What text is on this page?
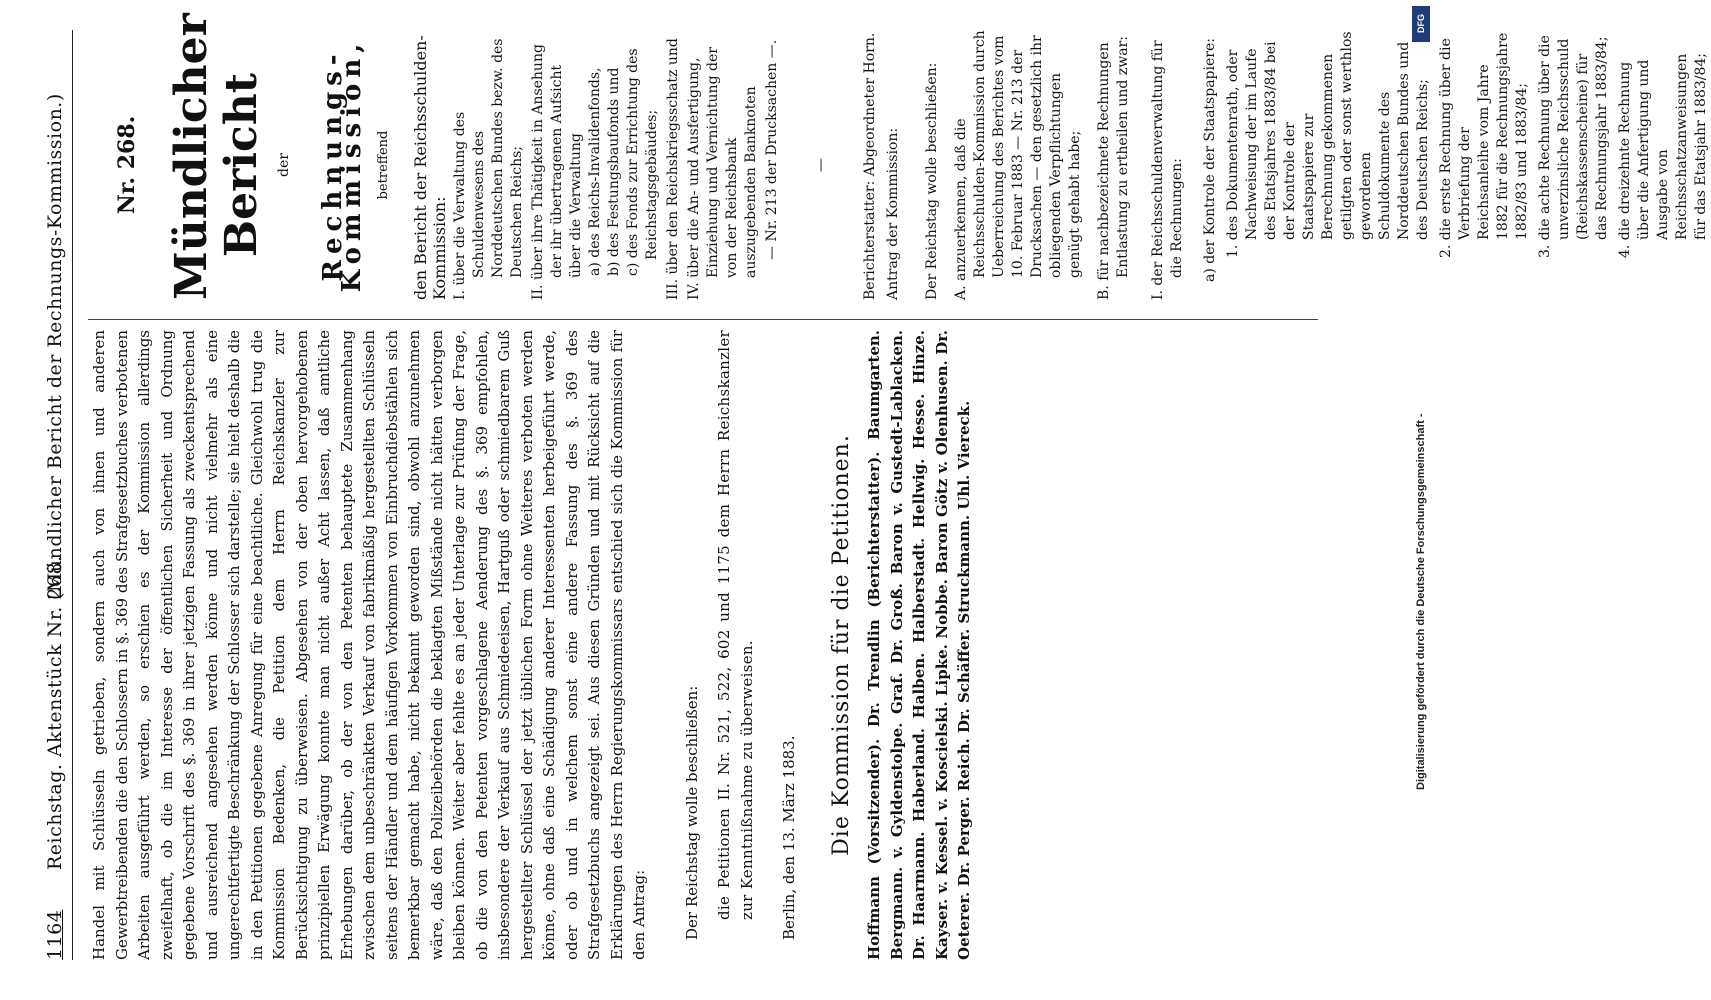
1164
Reichstag. Aktenstück Nr. 268.
(Mündlicher Bericht der Rechnungs-Kommission.) Handel mit Schlüsseln getrieben, sondern auch von ihnen und anderen Gewerbtreibenden die den Schlossern in §. 369 des Strafgesetzbuches verbotenen Arbeiten ausgeführt werden, so erschien es der Kommission allerdings zweifelhaft, ob die im Interesse der öffentlichen Sicherheit und Ordnung gegebene Vorschrift des §. 369 in ihrer jetzigen Fassung als zweckentsprechend und ausreichend angesehen werden könne und nicht vielmehr als eine ungerechtfertigte Beschränkung der Schlosser sich darstelle; sie hielt deshalb die in den Petitionen gegebene Anregung für eine beachtliche. Gleichwohl trug die Kommission Bedenken, die Petition dem Herrn Reichskanzler zur Berücksichtigung zu überweisen. Abgesehen von der oben hervorgehobenen prinzipiellen Erwägung konnte man nicht außer Acht lassen, daß amtliche Erhebungen darüber, ob der von den Petenten behauptete Zusammenhang zwischen dem unbeschränkten Verkauf von fabrikmäßig hergestellten Schlüsseln seitens der Händler und dem häufigen Vorkommen von Einbruchdiebstählen sich bemerkbar gemacht habe, nicht bekannt geworden sind, obwohl anzunehmen wäre, daß den Polizeibehörden die beklagten Mißstände nicht hätten verborgen bleiben können. Weiter aber fehlte es an jeder Unterlage zur Prüfung der Frage, ob die von den Petenten vorgeschlagene Aenderung des §. 369 empfohlen, insbesondere der Verkauf aus Schmiedeeisen, Hartguß oder schmiedbarem Guß hergestellter Schlüssel der jetzt üblichen Form ohne Weiteres verboten werden könne, ohne daß eine Schädigung anderer Interessenten herbeigeführt werde, oder ob und in welchem sonst eine andere Fassung des §. 369 des Strafgesetzbuchs angezeigt sei. Aus diesen Gründen und mit Rücksicht auf die Erklärungen des Herrn Regierungskommissars entschied sich die Kommission für den Antrag: Der Reichstag wolle beschließen: die Petitionen II. Nr. 521, 522, 602 und 1175 dem Herrn Reichskanzler zur Kenntnißnahme zu überweisen. Berlin, den 13. März 1883. Die Kommission für die Petitionen. Hoffmann (Vorsitzender). Dr. Trendlin (Berichterstatter). Baumgarten. Bergmann. v. Gyldenstolpe. Graf. Dr. Groß. Baron v. Gustedt-Lablacken. Dr. Haarmann. Haberland. Halben. Halberstadt. Hellwig. Hesse. Hinze. Kayser. v. Kessel. v. Koscielski. Lipke. Nobbe. Baron Götz v. Olenhusen. Dr. Oeterer. Dr. Perger. Reich. Dr. Schäffer. Struckmann. Uhl. Viereck.

Nr. 268. Mündlicher Bericht der Rechnungs-Kommission, betreffend den Bericht der Reichsschulden-Kommission: I. über die Verwaltung des Schuldenwesens des Norddeutschen Bundes bezw. des Deutschen Reichs; II. über ihre Thätigkeit in Ansehung der ihr übertragenen Aufsicht über die Verwaltung a) des Reichs-Invalidenfonds, b) des Festungsbaufonds und c) des Fonds zur Errichtung des Reichstagsgebäudes; III. über den Reichskriegsschatz und IV. über die An- und Ausfertigung, Einziehung und Vernichtung der von der Reichsbank auszugebenden Banknoten — Nr. 213 der Drucksachen —. — Berichterstatter: Abgeordneter Horn. Antrag der Kommission: Der Reichstag wolle beschließen: A. anzuerkennen, daß die Reichsschulden-Kommission durch Ueberreichung des Berichtes vom 10. Februar 1883 — Nr. 213 der Drucksachen — den gesetzlich ihr obliegenden Verpflichtungen genügt gehabt habe; B. für nachbezeichnete Rechnungen Entlastung zu ertheilen und zwar: I. der Reichsschuldenverwaltung für die Rechnungen: a) der Kontrole der Staatspapiere: 1. des Dokumentenrath, oder Nachweisung der im Laufe des Etatsjahres 1883/84 bei der Kontrole der Staatspapiere zur Berechnung gekommenen getilgten oder sonst werthlos gewordenen Schuldokumente des Norddeutschen Bundes und des Deutschen Reichs; 2. die erste Rechnung über die Verbriefung der Reichsanleihe vom Jahre 1882 für die Rechnungsjahre 1882/83 und 1883/84; 3. die achte Rechnung über die unverzinsliche Reichsschuld (Reichskassenscheine) für das Rechnungsjahr 1883/84; 4. die dreizehnte Rechnung über die Anfertigung und Ausgabe von Reichsschatzanweisungen für das Etatsjahr 1883/84;

DFG
Digitalisierung gefördert durch die Deutsche Forschungsgemeinschaft -
